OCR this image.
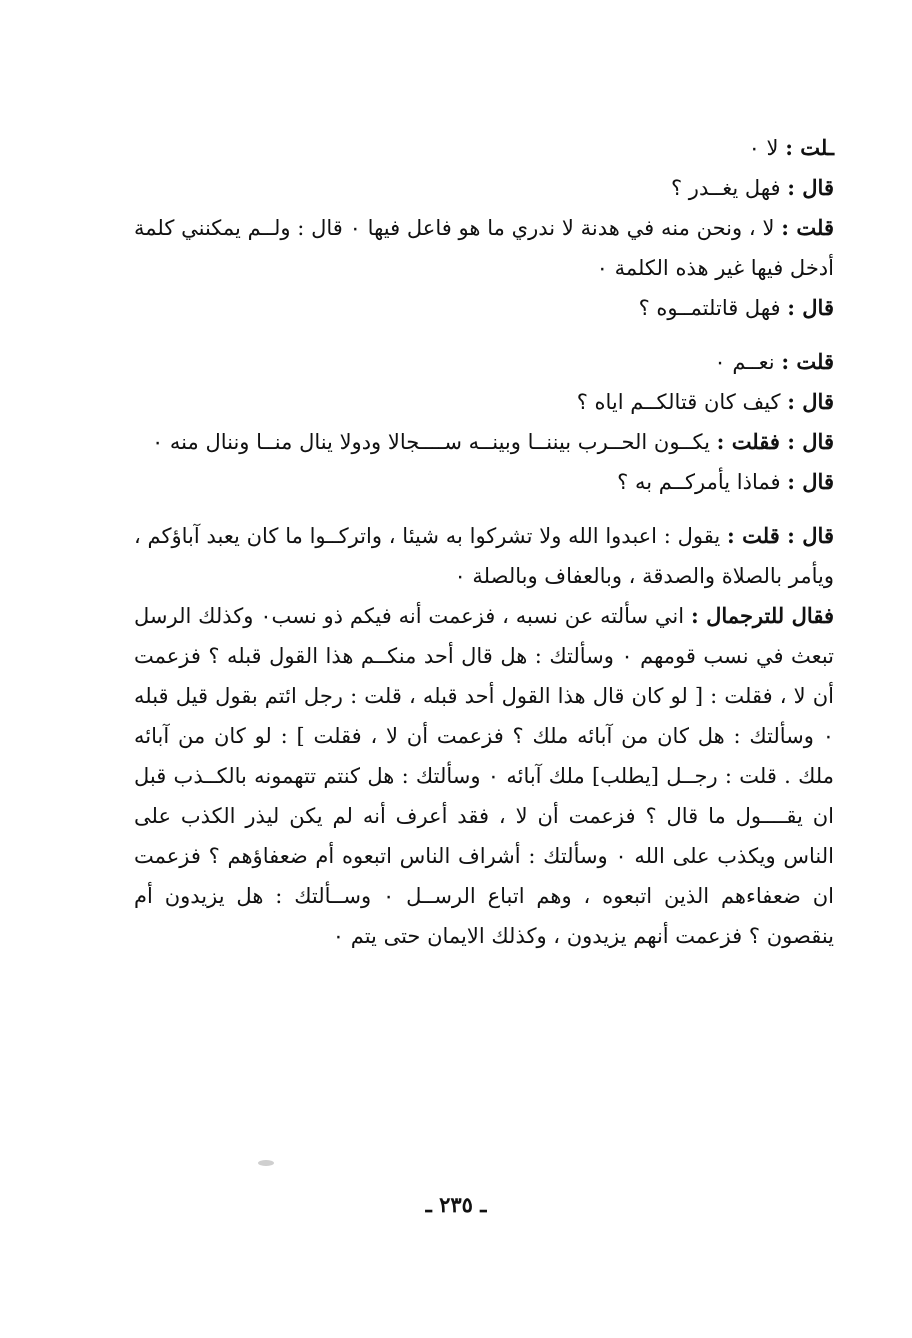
ـلت : لا ٠

قال : فهل يغــدر ؟

قلت : لا ، ونحن منه في هدنة لا ندري ما هو فاعل فيها ٠ قال : ولــم يمكنني كلمة أدخل فيها غير هذه الكلمة ٠

قال : فهل قاتلتمــوه ؟

قلت : نعــم ٠

قال : كيف كان قتالكــم اياه ؟

قال : فقلت : يكــون الحــرب بيننــا وبينــه ســــجالا ودولا ينال منــا وننال منه ٠

قال : فماذا يأمركــم به ؟

قال : قلت : يقول : اعبدوا الله ولا تشركوا به شيئا ، واتركــوا ما كان يعبد آباؤكم ، ويأمر بالصلاة والصدقة ، وبالعفاف وبالصلة ٠

فقال للترجمال : اني سألته عن نسبه ، فزعمت أنه فيكم ذو نسب٠ وكذلك الرسل تبعث في نسب قومهم ٠ وسألتك : هل قال أحد منكــم هذا القول قبله ؟ فزعمت أن لا ، فقلت : [ لو كان قال هذا القول أحد قبله ، قلت : رجل ائتم بقول قيل قبله ٠ وسألتك : هل كان من آبائه ملك ؟ فزعمت أن لا ، فقلت ] : لو كان من آبائه ملك . قلت : رجــل [يطلب] ملك آبائه ٠ وسألتك : هل كنتم تتهمونه بالكــذب قبل ان يقــــول ما قال ؟ فزعمت أن لا ، فقد أعرف أنه لم يكن ليذر الكذب على الناس ويكذب على الله ٠ وسألتك : أشراف الناس اتبعوه أم ضعفاؤهم ؟ فزعمت ان ضعفاءهم الذين اتبعوه ، وهم اتباع الرســل ٠ وســألتك : هل يزيدون أم ينقصون ؟ فزعمت أنهم يزيدون ، وكذلك الايمان حتى يتم ٠

ـ ٢٣٥ ـ
